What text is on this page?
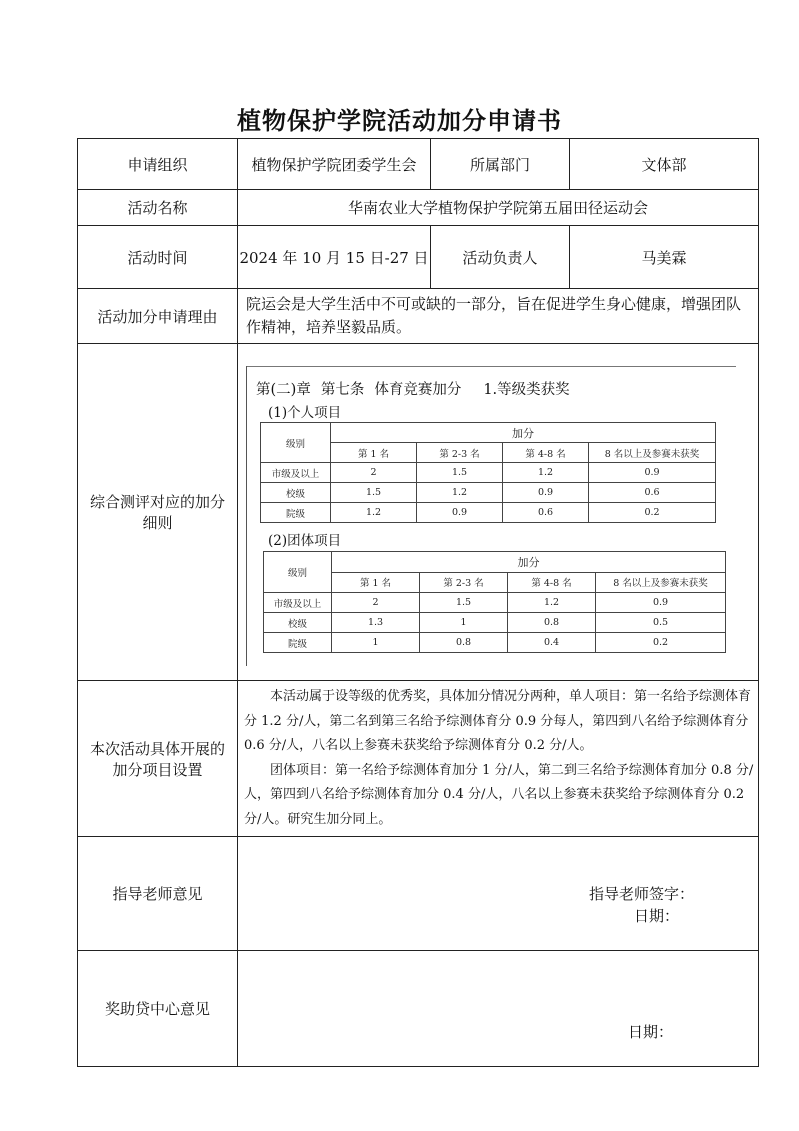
植物保护学院活动加分申请书
申请组织	植物保护学院团委学生会	所属部门	文体部
活动名称	华南农业大学植物保护学院第五届田径运动会
活动时间	2024 年 10 月 15 日-27 日	活动负责人	马美霖
活动加分申请理由	院运会是大学生活中不可或缺的一部分，旨在促进学生身心健康，增强团队作精神，培养坚毅品质。
综合测评对应的加分细则	
第(二)章 第七条 体育竞赛加分 1.等级类获奖
(1)个人项目
级别	加分
第 1 名	第 2-3 名	第 4-8 名	8 名以上及参赛未获奖
市级及以上	2	1.5	1.2	0.9
校级	1.5	1.2	0.9	0.6
院级	1.2	0.9	0.6	0.2
(2)团体项目
级别	加分
第 1 名	第 2-3 名	第 4-8 名	8 名以上及参赛未获奖
市级及以上	2	1.5	1.2	0.9
校级	1.3	1	0.8	0.5
院级	1	0.8	0.4	0.2

本次活动具体开展的加分项目设置	

本活动属于设等级的优秀奖，具体加分情况分两种，单人项目：第一名给予综测体育分 1.2 分/人，第二名到第三名给予综测体育分 0.9 分每人，第四到八名给予综测体育分 0.6 分/人，八名以上参赛未获奖给予综测体育分 0.2 分/人。

团体项目：第一名给予综测体育加分 1 分/人，第二到三名给予综测体育加分 0.8 分/人，第四到八名给予综测体育加分 0.4 分/人，八名以上参赛未获奖给予综测体育分 0.2 分/人。研究生加分同上。

指导老师意见	指导老师签字：
日期：

奖助贷中心意见	
日期：
